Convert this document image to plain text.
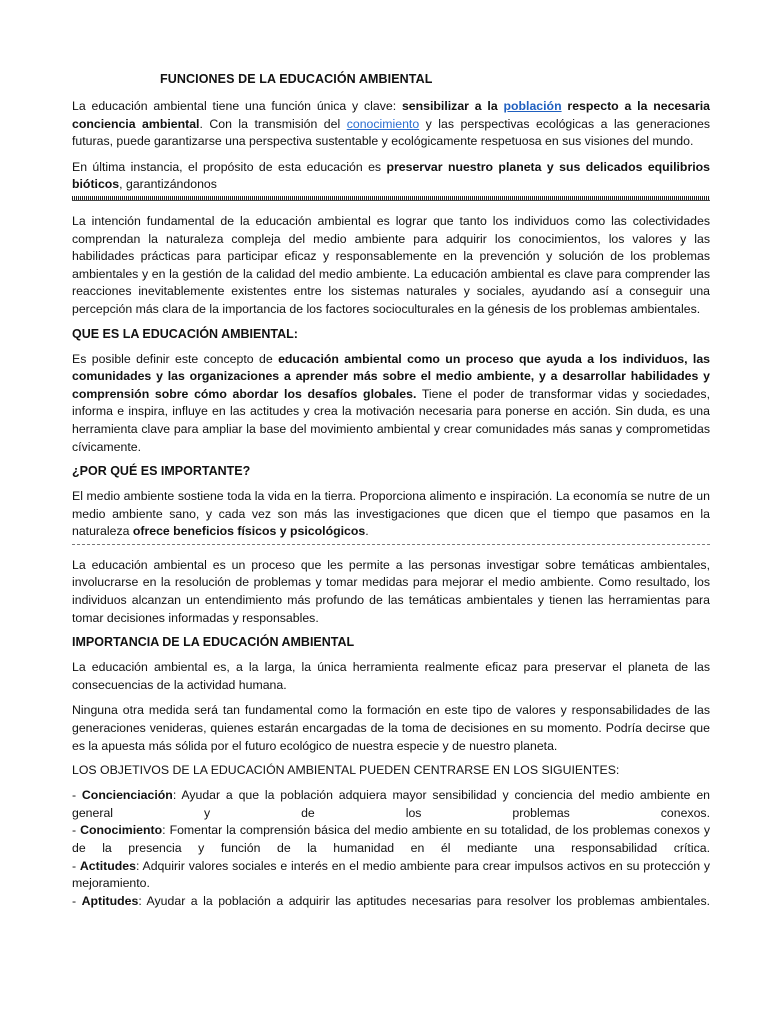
FUNCIONES DE LA EDUCACIÓN AMBIENTAL

La educación ambiental tiene una función única y clave: sensibilizar a la población respecto a la necesaria conciencia ambiental. Con la transmisión del conocimiento y las perspectivas ecológicas a las generaciones futuras, puede garantizarse una perspectiva sustentable y ecológicamente respetuosa en sus visiones del mundo.

En última instancia, el propósito de esta educación es preservar nuestro planeta y sus delicados equilibrios bióticos, garantizándonos

La intención fundamental de la educación ambiental es lograr que tanto los individuos como las colectividades comprendan la naturaleza compleja del medio ambiente para adquirir los conocimientos, los valores y las habilidades prácticas para participar eficaz y responsablemente en la prevención y solución de los problemas ambientales y en la gestión de la calidad del medio ambiente. La educación ambiental es clave para comprender las reacciones inevitablemente existentes entre los sistemas naturales y sociales, ayudando así a conseguir una percepción más clara de la importancia de los factores socioculturales en la génesis de los problemas ambientales.

QUE ES LA EDUCACIÓN AMBIENTAL:

Es posible definir este concepto de educación ambiental como un proceso que ayuda a los individuos, las comunidades y las organizaciones a aprender más sobre el medio ambiente, y a desarrollar habilidades y comprensión sobre cómo abordar los desafíos globales. Tiene el poder de transformar vidas y sociedades, informa e inspira, influye en las actitudes y crea la motivación necesaria para ponerse en acción. Sin duda, es una herramienta clave para ampliar la base del movimiento ambiental y crear comunidades más sanas y comprometidas cívicamente.

¿POR QUÉ ES IMPORTANTE?

El medio ambiente sostiene toda la vida en la tierra. Proporciona alimento e inspiración. La economía se nutre de un medio ambiente sano, y cada vez son más las investigaciones que dicen que el tiempo que pasamos en la naturaleza ofrece beneficios físicos y psicológicos.

La educación ambiental es un proceso que les permite a las personas investigar sobre temáticas ambientales, involucrarse en la resolución de problemas y tomar medidas para mejorar el medio ambiente. Como resultado, los individuos alcanzan un entendimiento más profundo de las temáticas ambientales y tienen las herramientas para tomar decisiones informadas y responsables.

IMPORTANCIA DE LA EDUCACIÓN AMBIENTAL

La educación ambiental es, a la larga, la única herramienta realmente eficaz para preservar el planeta de las consecuencias de la actividad humana.

Ninguna otra medida será tan fundamental como la formación en este tipo de valores y responsabilidades de las generaciones venideras, quienes estarán encargadas de la toma de decisiones en su momento. Podría decirse que es la apuesta más sólida por el futuro ecológico de nuestra especie y de nuestro planeta.

LOS OBJETIVOS DE LA EDUCACIÓN AMBIENTAL PUEDEN CENTRARSE EN LOS SIGUIENTES:

- Concienciación: Ayudar a que la población adquiera mayor sensibilidad y conciencia del medio ambiente en general y de los problemas conexos.

- Conocimiento: Fomentar la comprensión básica del medio ambiente en su totalidad, de los problemas conexos y de la presencia y función de la humanidad en él mediante una responsabilidad crítica.

- Actitudes: Adquirir valores sociales e interés en el medio ambiente para crear impulsos activos en su protección y mejoramiento.

- Aptitudes: Ayudar a la población a adquirir las aptitudes necesarias para resolver los problemas ambientales.
